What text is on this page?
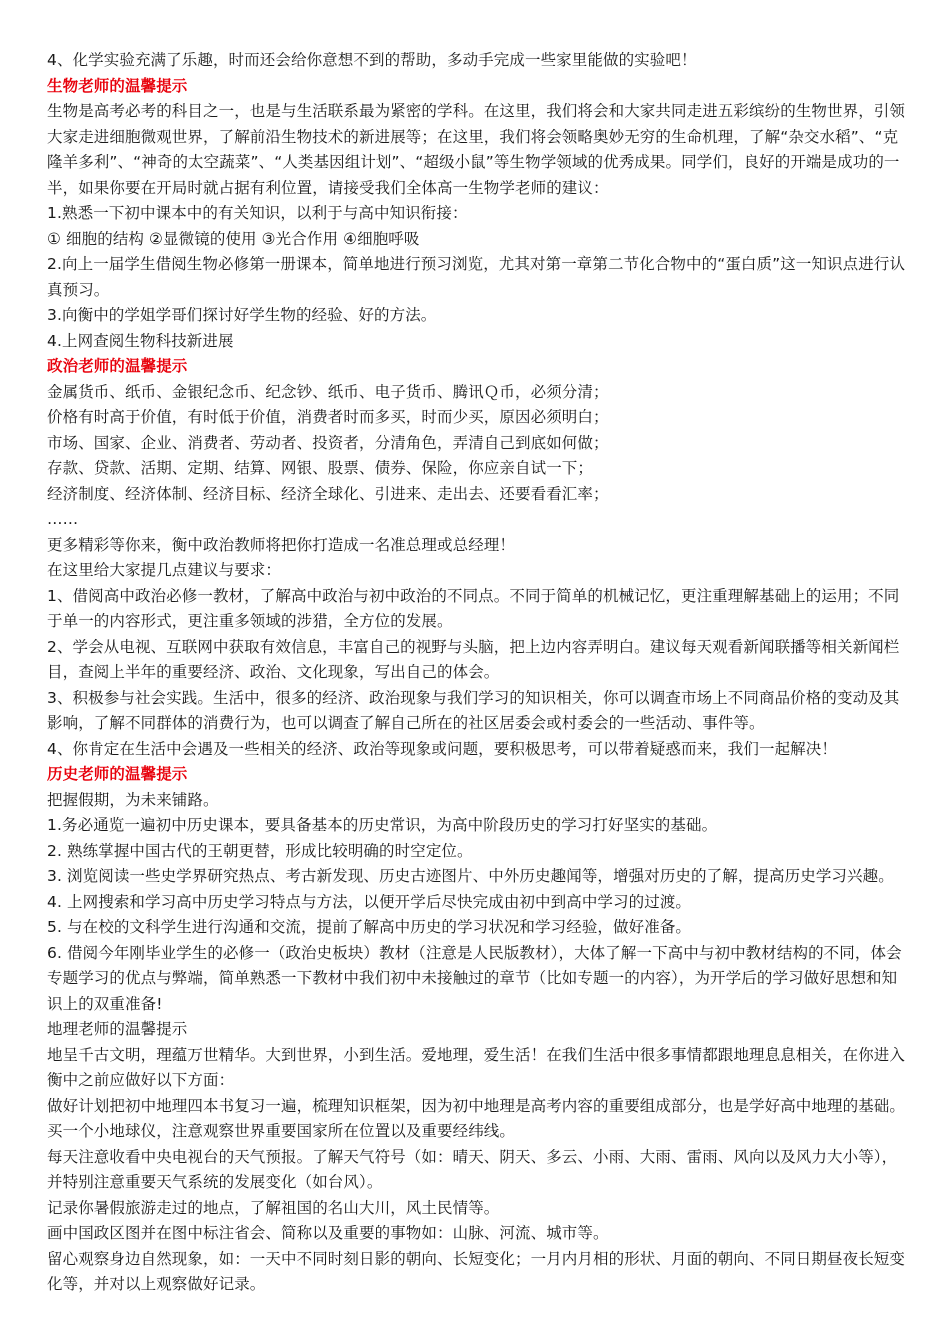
4、化学实验充满了乐趣，时而还会给你意想不到的帮助，多动手完成一些家里能做的实验吧！

生物老师的温馨提示

生物是高考必考的科目之一，也是与生活联系最为紧密的学科。在这里，我们将会和大家共同走进五彩缤纷的生物世界，引领大家走进细胞微观世界，了解前沿生物技术的新进展等；在这里，我们将会领略奥妙无穷的生命机理，了解“杂交水稻”、“克隆羊多利”、“神奇的太空蔬菜”、“人类基因组计划”、“超级小鼠”等生物学领域的优秀成果。同学们，良好的开端是成功的一半，如果你要在开局时就占据有利位置，请接受我们全体高一生物学老师的建议：

1.熟悉一下初中课本中的有关知识，以利于与高中知识衔接：

① 细胞的结构 ②显微镜的使用 ③光合作用 ④细胞呼吸

2.向上一届学生借阅生物必修第一册课本，简单地进行预习浏览，尤其对第一章第二节化合物中的“蛋白质”这一知识点进行认真预习。

3.向衡中的学姐学哥们探讨好学生物的经验、好的方法。

4.上网查阅生物科技新进展

政治老师的温馨提示

金属货币、纸币、金银纪念币、纪念钞、纸币、电子货币、腾讯Ｑ币，必须分清；

价格有时高于价值，有时低于价值，消费者时而多买，时而少买，原因必须明白；

市场、国家、企业、消费者、劳动者、投资者，分清角色，弄清自己到底如何做；

存款、贷款、活期、定期、结算、网银、股票、债券、保险，你应亲自试一下；

经济制度、经济体制、经济目标、经济全球化、引进来、走出去、还要看看汇率；

……

更多精彩等你来，衡中政治教师将把你打造成一名准总理或总经理！

在这里给大家提几点建议与要求：

1、借阅高中政治必修一教材，了解高中政治与初中政治的不同点。不同于简单的机械记忆，更注重理解基础上的运用；不同于单一的内容形式，更注重多领域的涉猎，全方位的发展。

2、学会从电视、互联网中获取有效信息，丰富自己的视野与头脑，把上边内容弄明白。建议每天观看新闻联播等相关新闻栏目，查阅上半年的重要经济、政治、文化现象，写出自己的体会。

3、积极参与社会实践。生活中，很多的经济、政治现象与我们学习的知识相关，你可以调查市场上不同商品价格的变动及其影响，了解不同群体的消费行为，也可以调查了解自己所在的社区居委会或村委会的一些活动、事件等。

4、你肯定在生活中会遇及一些相关的经济、政治等现象或问题，要积极思考，可以带着疑惑而来，我们一起解决！

历史老师的温馨提示

把握假期，为未来铺路。

1.务必通览一遍初中历史课本，要具备基本的历史常识，为高中阶段历史的学习打好坚实的基础。

2. 熟练掌握中国古代的王朝更替，形成比较明确的时空定位。

3. 浏览阅读一些史学界研究热点、考古新发现、历史古迹图片、中外历史趣闻等，增强对历史的了解，提高历史学习兴趣。

4. 上网搜索和学习高中历史学习特点与方法，以便开学后尽快完成由初中到高中学习的过渡。

5. 与在校的文科学生进行沟通和交流，提前了解高中历史的学习状况和学习经验，做好准备。

6. 借阅今年刚毕业学生的必修一（政治史板块）教材（注意是人民版教材），大体了解一下高中与初中教材结构的不同，体会专题学习的优点与弊端，简单熟悉一下教材中我们初中未接触过的章节（比如专题一的内容），为开学后的学习做好思想和知识上的双重准备!

地理老师的温馨提示

地呈千古文明，理蕴万世精华。大到世界，小到生活。爱地理，爱生活！在我们生活中很多事情都跟地理息息相关，在你进入衡中之前应做好以下方面：

做好计划把初中地理四本书复习一遍，梳理知识框架，因为初中地理是高考内容的重要组成部分，也是学好高中地理的基础。

买一个小地球仪，注意观察世界重要国家所在位置以及重要经纬线。

每天注意收看中央电视台的天气预报。了解天气符号（如：晴天、阴天、多云、小雨、大雨、雷雨、风向以及风力大小等），并特别注意重要天气系统的发展变化（如台风）。

记录你暑假旅游走过的地点，了解祖国的名山大川，风土民情等。

画中国政区图并在图中标注省会、简称以及重要的事物如：山脉、河流、城市等。

留心观察身边自然现象，如：一天中不同时刻日影的朝向、长短变化；一月内月相的形状、月面的朝向、不同日期昼夜长短变化等，并对以上观察做好记录。
